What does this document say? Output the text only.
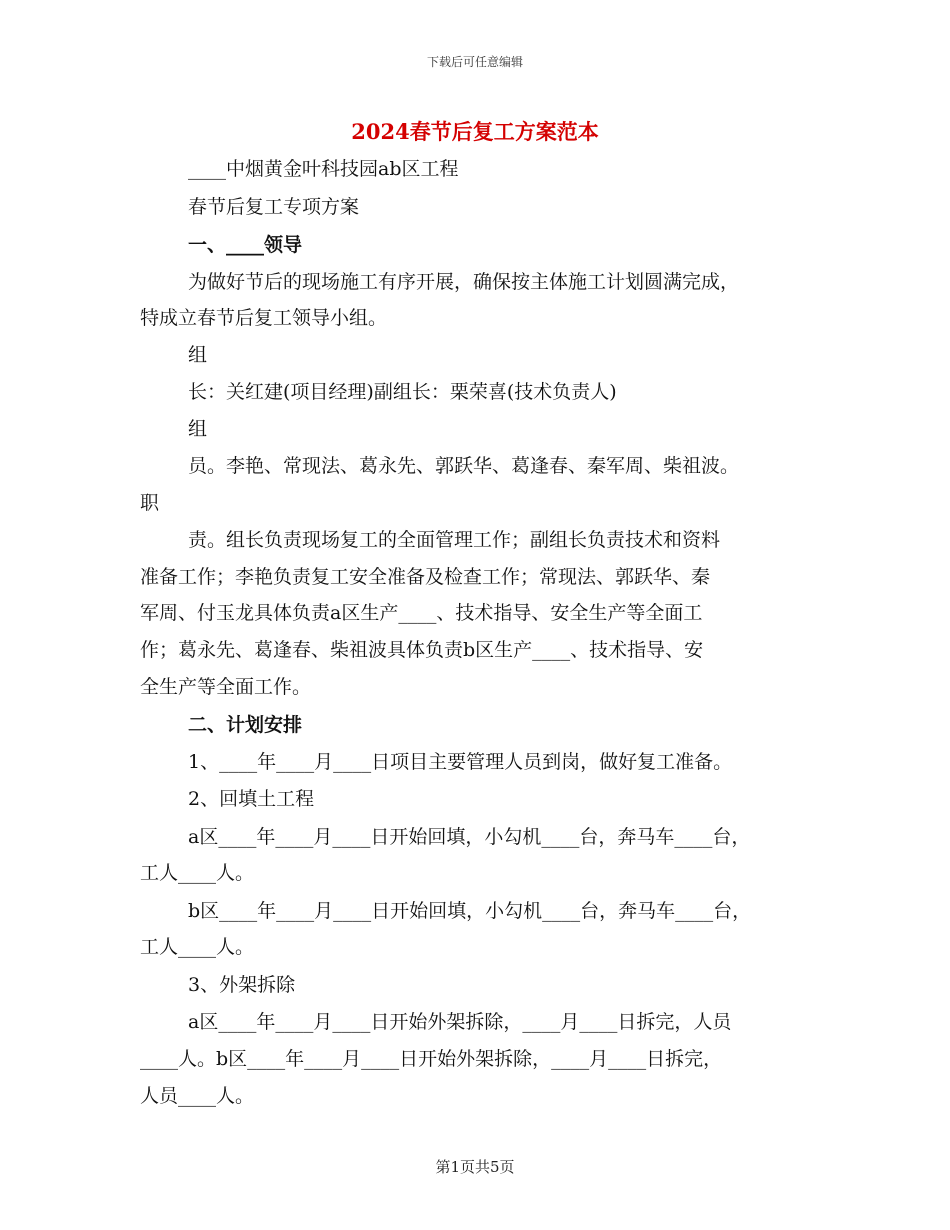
下载后可任意编辑
2024春节后复工方案范本
____中烟黄金叶科技园ab区工程
春节后复工专项方案
一、____领导
为做好节后的现场施工有序开展，确保按主体施工计划圆满完成，
特成立春节后复工领导小组。
组
长：关红建(项目经理)副组长：栗荣喜(技术负责人)
组
员。李艳、常现法、葛永先、郭跃华、葛逢春、秦军周、柴祖波。
职
责。组长负责现场复工的全面管理工作；副组长负责技术和资料
准备工作；李艳负责复工安全准备及检查工作；常现法、郭跃华、秦
军周、付玉龙具体负责a区生产____、技术指导、安全生产等全面工
作；葛永先、葛逢春、柴祖波具体负责b区生产____、技术指导、安
全生产等全面工作。
二、计划安排
1、____年____月____日项目主要管理人员到岗，做好复工准备。
2、回填土工程
a区____年____月____日开始回填，小勾机____台，奔马车____台，
工人____人。
b区____年____月____日开始回填，小勾机____台，奔马车____台，
工人____人。
3、外架拆除
a区____年____月____日开始外架拆除，____月____日拆完，人员
____人。b区____年____月____日开始外架拆除，____月____日拆完，
人员____人。
第1页共5页
